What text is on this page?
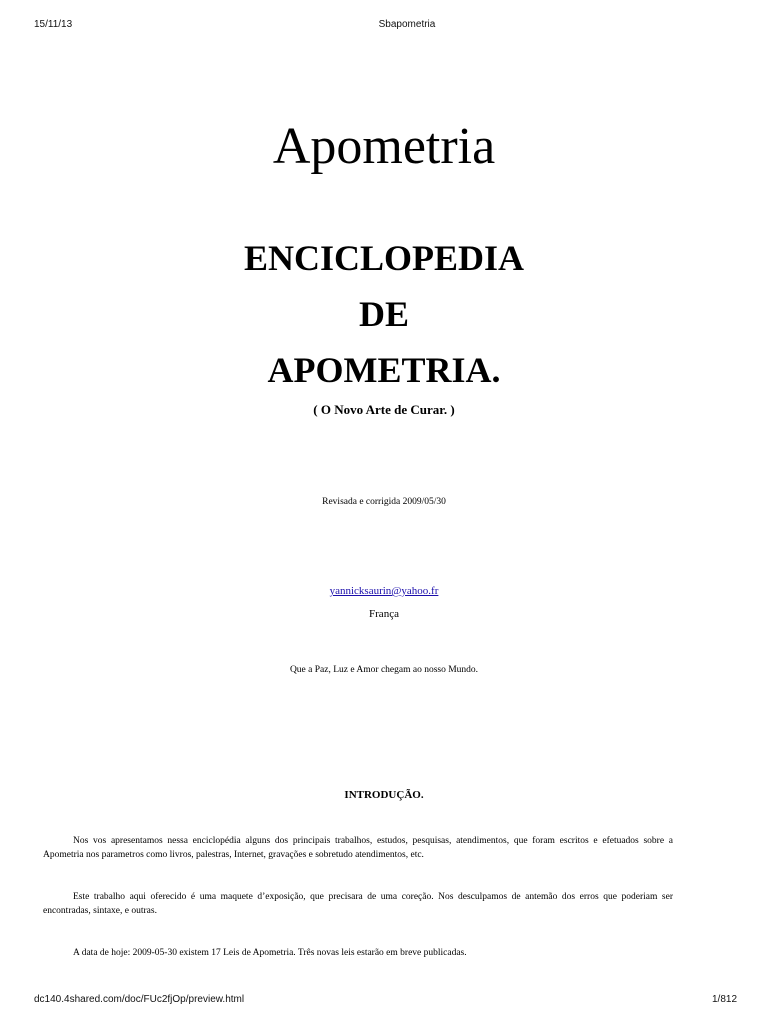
15/11/13	Sbapometria
Apometria
ENCICLOPEDIA
DE
APOMETRIA.
( O Novo Arte de Curar. )
Revisada e corrigida 2009/05/30
yannicksaurin@yahoo.fr
França
Que a Paz, Luz e Amor chegam ao nosso Mundo.
INTRODUÇÃO.
Nos vos apresentamos nessa enciclopédia alguns dos principais trabalhos, estudos, pesquisas, atendimentos, que foram escritos e efetuados sobre a Apometria nos parametros como livros, palestras, Internet, gravações e sobretudo atendimentos, etc.
Este trabalho aqui oferecido é uma maquete d’exposição, que precisara de uma coreção. Nos desculpamos de antemão dos erros que poderiam ser encontradas, sintaxe, e outras.
A data de hoje: 2009-05-30 existem 17 Leis de Apometria. Três novas leis estarão em breve publicadas.
dc140.4shared.com/doc/FUc2fjOp/preview.html	1/812
